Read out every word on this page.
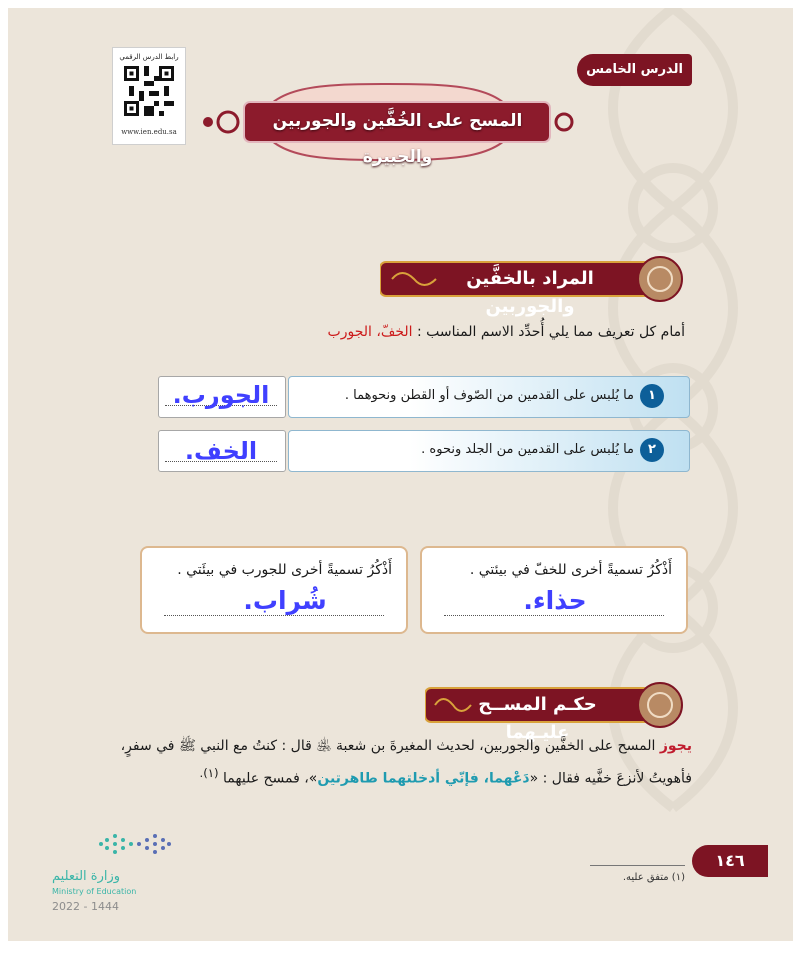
رابط الدرس الرقمي
www.ien.edu.sa
الدرس الخامس
المسح على الخُفَّين والجوربين والجبيرة
المراد بالخفَّين والجوربين
أمام كل تعريف مما يلي أُحدِّد الاسم المناسب : الخفّ، الجورب
١
ما يُلبس على القدمين من الصّوف أو القطن ونحوهما .
الجورب.
٢
ما يُلبس على القدمين من الجلد ونحوه .
الخف.
أَذْكُرُ تسميةً أخرى للخفّ في بيئتي .
حذاء.
أَذْكُرُ تسميةً أخرى للجورب في بيئَتي .
شُراب.
حكـم المســح عليـهما
يجوز المسح على الخفَّين والجوربين، لحديث المغيرةَ بن شعبة ﵁ قال : كنتُ مع النبي ﷺ في سفرٍ، فأهويتُ لأنزعَ خفَّيه فقال : «دَعْهما، فإنّي أدخلتهما طاهرتين»، فمسح عليهما $^{(١).}$
(١) متفق عليه.
١٤٦
وزارة التعليم
Ministry of Education
2022 - 1444
